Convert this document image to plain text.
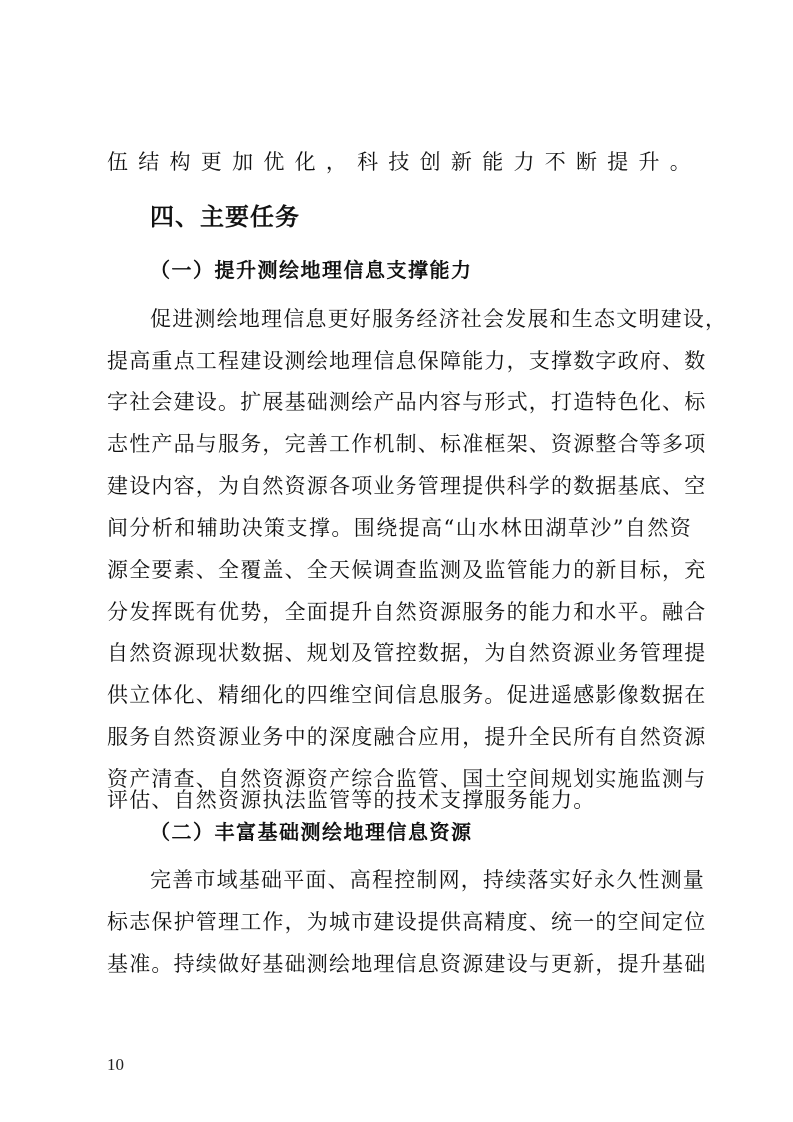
伍结构更加优化，科技创新能力不断提升。
四、主要任务
（一）提升测绘地理信息支撑能力
促进测绘地理信息更好服务经济社会发展和生态文明建设，
提高重点工程建设测绘地理信息保障能力，支撑数字政府、数
字社会建设。扩展基础测绘产品内容与形式，打造特色化、标
志性产品与服务，完善工作机制、标准框架、资源整合等多项
建设内容，为自然资源各项业务管理提供科学的数据基底、空
间分析和辅助决策支撑。围绕提高“山水林田湖草沙”自然资
源全要素、全覆盖、全天候调查监测及监管能力的新目标，充
分发挥既有优势，全面提升自然资源服务的能力和水平。融合
自然资源现状数据、规划及管控数据，为自然资源业务管理提
供立体化、精细化的四维空间信息服务。促进遥感影像数据在
服务自然资源业务中的深度融合应用，提升全民所有自然资源
资产清查、自然资源资产综合监管、国土空间规划实施监测与
评估、自然资源执法监管等的技术支撑服务能力。
（二）丰富基础测绘地理信息资源
完善市域基础平面、高程控制网，持续落实好永久性测量
标志保护管理工作，为城市建设提供高精度、统一的空间定位
基准。持续做好基础测绘地理信息资源建设与更新，提升基础
10
